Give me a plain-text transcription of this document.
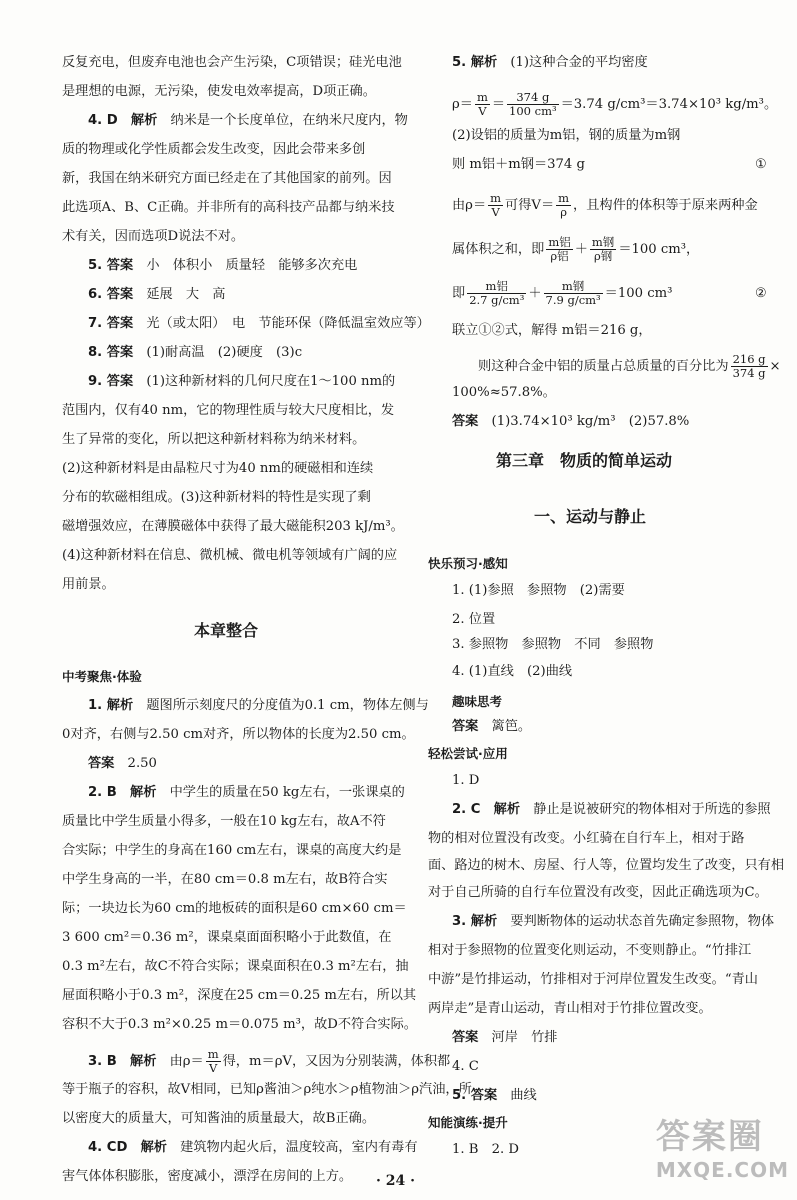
反复充电，但废弃电池也会产生污染，C项错误；硅光电池
是理想的电源，无污染，使发电效率提高，D项正确。
4. D　解析　纳米是一个长度单位，在纳米尺度内，物
质的物理或化学性质都会发生改变，因此会带来多创
新，我国在纳米研究方面已经走在了其他国家的前列。因
此选项A、B、C正确。并非所有的高科技产品都与纳米技
术有关，因而选项D说法不对。
5. 答案　小　体积小　质量轻　能够多次充电
6. 答案　延展　大　高
7. 答案　光（或太阳）　电　节能环保（降低温室效应等）
8. 答案　(1)耐高温　(2)硬度　(3)c
9. 答案　(1)这种新材料的几何尺度在1～100 nm的
范围内，仅有40 nm，它的物理性质与较大尺度相比，发
生了异常的变化，所以把这种新材料称为纳米材料。
(2)这种新材料是由晶粒尺寸为40 nm的硬磁相和连续
分布的软磁相组成。(3)这种新材料的特性是实现了剩
磁增强效应，在薄膜磁体中获得了最大磁能积203 kJ/m³。
(4)这种新材料在信息、微机械、微电机等领域有广阔的应
用前景。
本章整合
中考聚焦·体验
1. 解析　题图所示刻度尺的分度值为0.1 cm，物体左侧与
0对齐，右侧与2.50 cm对齐，所以物体的长度为2.50 cm。
答案　2.50
2. B　解析　中学生的质量在50 kg左右，一张课桌的
质量比中学生质量小得多，一般在10 kg左右，故A不符
合实际；中学生的身高在160 cm左右，课桌的高度大约是
中学生身高的一半，在80 cm＝0.8 m左右，故B符合实
际；一块边长为60 cm的地板砖的面积是60 cm×60 cm＝
3 600 cm²＝0.36 m²，课桌桌面面积略小于此数值，在
0.3 m²左右，故C不符合实际；课桌面积在0.3 m²左右，抽
屉面积略小于0.3 m²，深度在25 cm＝0.25 m左右，所以其
容积不大于0.3 m²×0.25 m＝0.075 m³，故D不符合实际。
3. B　解析　由$\rho= \frac{m}{V}$ 得，m＝ρV，又因为分别装满，体积都
等于瓶子的容积，故V相同，已知ρ酱油＞ρ纯水＞ρ植物油＞ρ汽油，所
以密度大的质量大，可知酱油的质量最大，故B正确。
4. CD　解析　建筑物内起火后，温度较高，室内有毒有
害气体体积膨胀，密度减小，漂浮在房间的上方。
5. 解析　(1)这种合金的平均密度
$\rho= \frac{m}{V} = \frac{374 g}{\text{100 cm³}} =3.74$ g/cm³＝3.74×10³ kg/m³。
(2)设铝的质量为m铝，钢的质量为m钢
则 m铝＋m钢＝374 g	①
由$\rho= \frac{m}{V}$ 可得$V= \frac{m}{\rho}$ ，且构件的体积等于原来两种金
属体积之和，即 $\frac{\text{m铝}}{\text{ρ铝}} + \frac{\text{m钢}}{\text{ρ钢}} =100$ cm³，
即 $\frac{\text{m铝}}{\text{2.7 g/cm³}} + \frac{\text{m钢}}{\text{7.9 g/cm³}} =100$ cm³	②
联立①②式，解得 m铝＝216 g，
则这种合金中铝的质量占总质量的百分比为 $\frac{216 g}{374 g}$ ×
100%≈57.8%。
答案　(1)3.74×10³ kg/m³　(2)57.8%
第三章　物质的简单运动
一、运动与静止
快乐预习·感知
1. (1)参照　参照物　(2)需要
2. 位置
3. 参照物　参照物　不同　参照物
4. (1)直线　(2)曲线
趣味思考
答案　篱笆。
轻松尝试·应用
1. D
2. C　解析　静止是说被研究的物体相对于所选的参照
物的相对位置没有改变。小红骑在自行车上，相对于路
面、路边的树木、房屋、行人等，位置均发生了改变，只有相
对于自己所骑的自行车位置没有改变，因此正确选项为C。
3. 解析　要判断物体的运动状态首先确定参照物，物体
相对于参照物的位置变化则运动，不变则静止。“竹排江
中游”是竹排运动，竹排相对于河岸位置发生改变。“青山
两岸走”是青山运动，青山相对于竹排位置改变。
答案　河岸　竹排
4. C
5. 答案　曲线
知能演练·提升
1. B　2. D
· 24 ·
答案圈
MXQE.COM
